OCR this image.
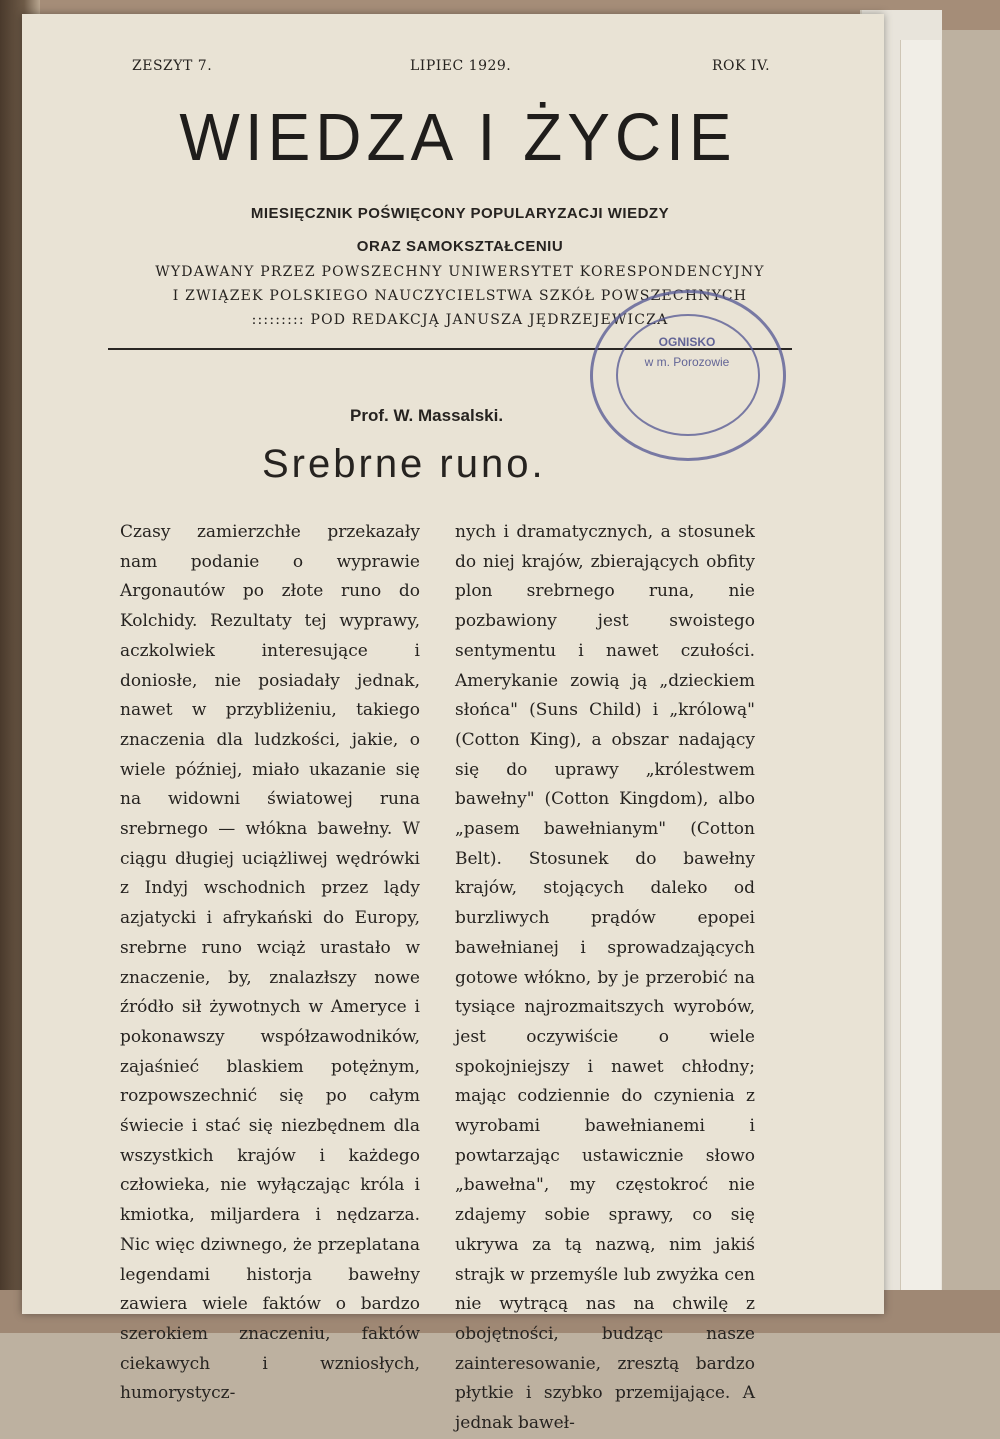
ZESZYT 7.	LIPIEC 1929.	ROK IV.
WIEDZA I ŻYCIE
MIESIĘCZNIK POŚWIĘCONY POPULARYZACJI WIEDZY
ORAZ SAMOKSZTAŁCENIU
WYDAWANY PRZEZ POWSZECHNY UNIWERSYTET KORESPONDENCYJNY
I ZWIĄZEK POLSKIEGO NAUCZYCIELSTWA SZKÓŁ POWSZECHNYCH
::::::::: POD REDAKCJĄ JANUSZA JĘDRZEJEWICZA
OGNISKO
w m. Porozowie
Prof. W. Massalski.
Srebrne runo.
Czasy zamierzchłe przekazały nam podanie o wyprawie Argonautów po złote runo do Kolchidy. Rezultaty tej wyprawy, aczkolwiek interesujące i doniosłe, nie posiadały jednak, nawet w przybliżeniu, takiego znaczenia dla ludzkości, jakie, o wiele później, miało ukazanie się na widowni światowej runa srebrnego — włókna bawełny. W ciągu długiej uciążliwej wędrówki z Indyj wschodnich przez lądy azjatycki i afrykański do Europy, srebrne runo wciąż urastało w znaczenie, by, znalazłszy nowe źródło sił żywotnych w Ameryce i pokonawszy współzawodników, zajaśnieć blaskiem potężnym, rozpowszechnić się po całym świecie i stać się niezbędnem dla wszystkich krajów i każdego człowieka, nie wyłączając króla i kmiotka, miljardera i nędzarza. Nic więc dziwnego, że przeplatana legendami historja bawełny zawiera wiele faktów o bardzo szerokiem znaczeniu, faktów ciekawych i wzniosłych, humorystycz-
nych i dramatycznych, a stosunek do niej krajów, zbierających obfity plon srebrnego runa, nie pozbawiony jest swoistego sentymentu i nawet czułości. Amerykanie zowią ją „dzieckiem słońca" (Suns Child) i „królową" (Cotton King), a obszar nadający się do uprawy „królestwem bawełny" (Cotton Kingdom), albo „pasem bawełnianym" (Cotton Belt). Stosunek do bawełny krajów, stojących daleko od burzliwych prądów epopei bawełnianej i sprowadzających gotowe włókno, by je przerobić na tysiące najrozmaitszych wyrobów, jest oczywiście o wiele spokojniejszy i nawet chłodny; mając codziennie do czynienia z wyrobami bawełnianemi i powtarzając ustawicznie słowo „bawełna", my częstokroć nie zdajemy sobie sprawy, co się ukrywa za tą nazwą, nim jakiś strajk w przemyśle lub zwyżka cen nie wytrącą nas na chwilę z obojętności, budząc nasze zainteresowanie, zresztą bardzo płytkie i szybko przemijające. A jednak baweł-
